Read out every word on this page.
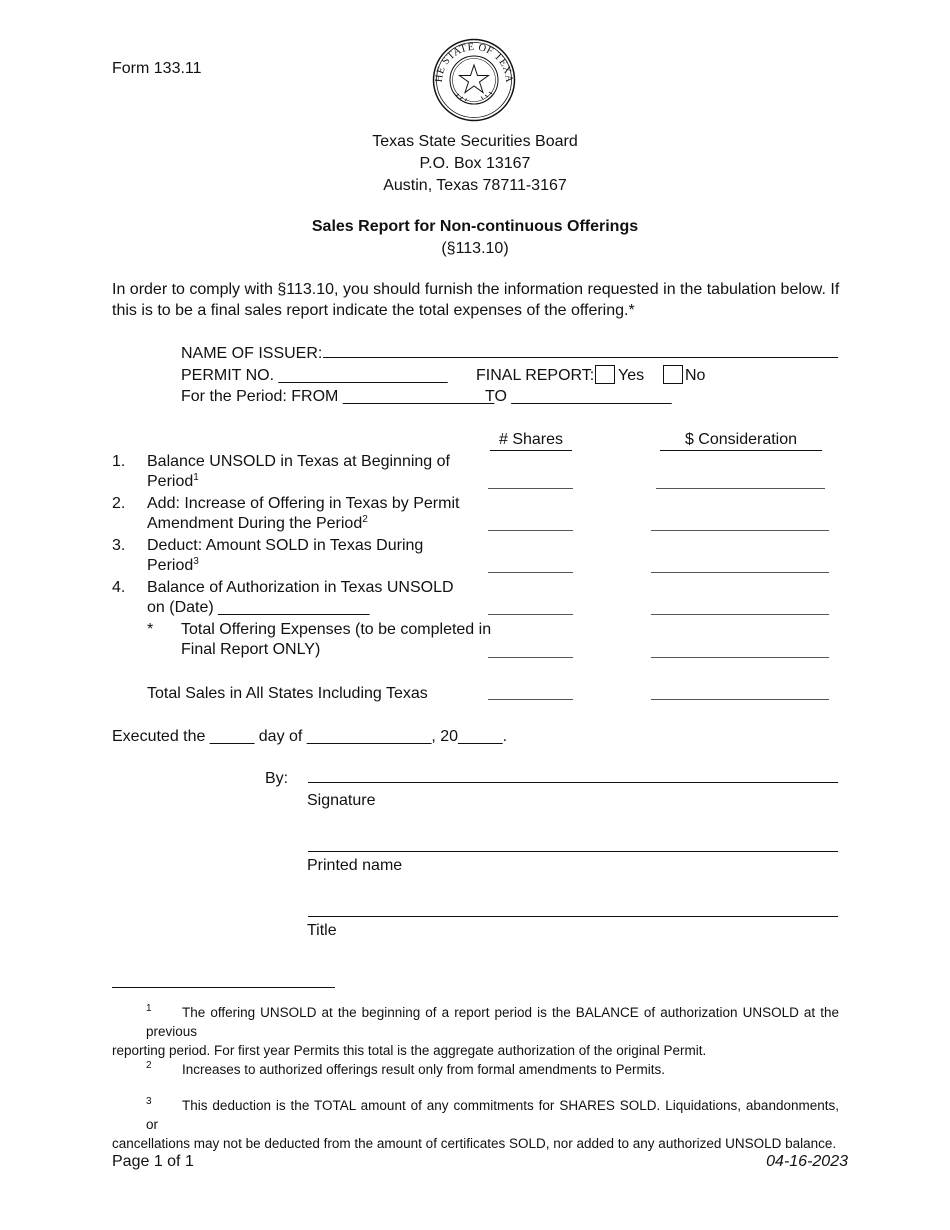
Form 133.11
HE STATE OF TEXA
Texas State Securities Board
P.O. Box 13167
Austin, Texas 78711-3167
Sales Report for Non-continuous Offerings
(§113.10)
In order to comply with §113.10, you should furnish the information requested in the tabulation below. If this is to be a final sales report indicate the total expenses of the offering.*
NAME OF ISSUER:
PERMIT NO. ___________________ FINAL REPORT: Yes	No
For the Period: FROM _________________
TO __________________
# Shares	$ Consideration
1. Balance UNSOLD in Texas at Beginning of
Period$^1$
2. Add: Increase of Offering in Texas by Permit
Amendment During the Period$^2$
3. Deduct: Amount SOLD in Texas During
Period$^3$
4. Balance of Authorization in Texas UNSOLD
on (Date) _________________
* Total Offering Expenses (to be completed in
Final Report ONLY)
Total Sales in All States Including Texas
Executed the _____ day of ______________, 20_____.
By:
Signature
Printed name
Title
1 The offering UNSOLD at the beginning of a report period is the BALANCE of authorization UNSOLD at the previous
reporting period. For first year Permits this total is the aggregate authorization of the original Permit.
2 Increases to authorized offerings result only from formal amendments to Permits.
3 This deduction is the TOTAL amount of any commitments for SHARES SOLD. Liquidations, abandonments, or
cancellations may not be deducted from the amount of certificates SOLD, nor added to any authorized UNSOLD balance.
Page 1 of 1	04-16-2023
